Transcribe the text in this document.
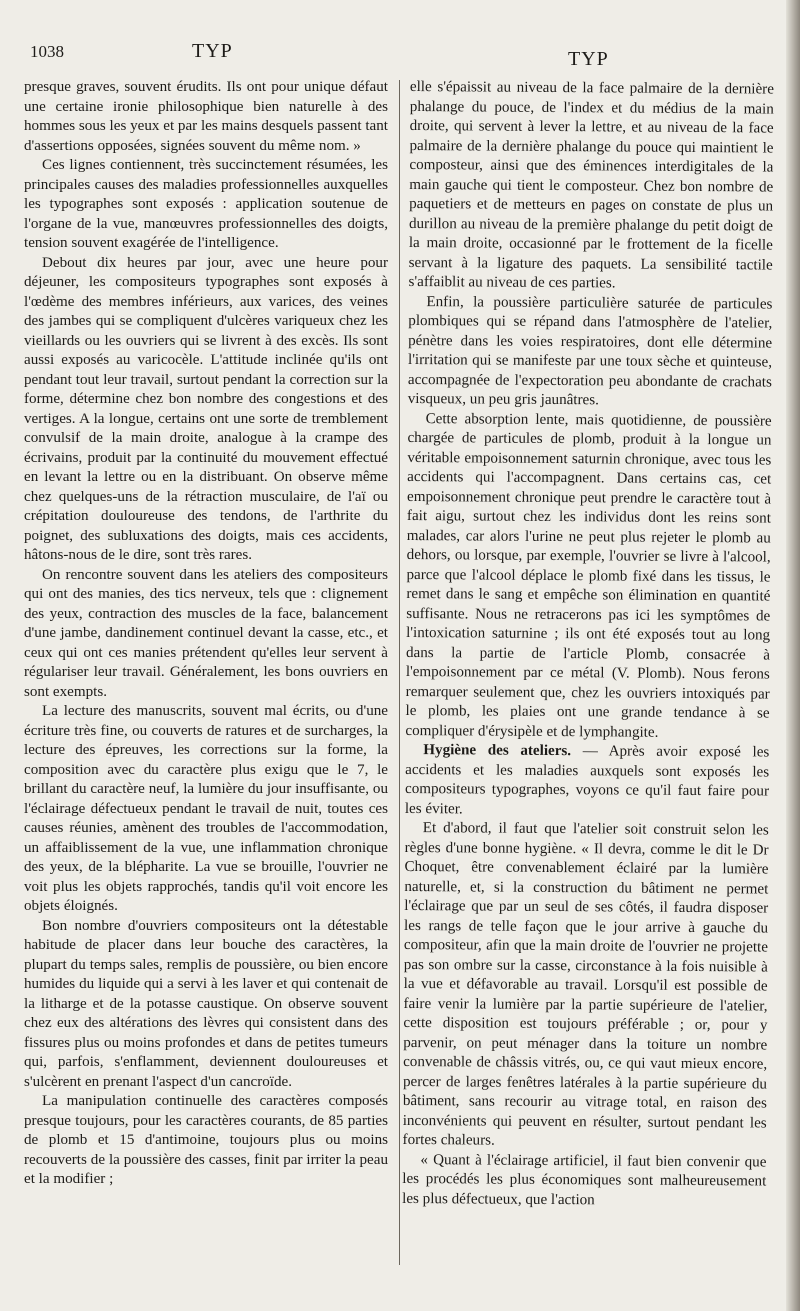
1038	TYP	TYP

presque graves, souvent érudits. Ils ont pour unique défaut une certaine ironie philosophique bien naturelle à des hommes sous les yeux et par les mains desquels passent tant d'assertions opposées, signées souvent du même nom. »

Ces lignes contiennent, très succinctement résumées, les principales causes des maladies professionnelles auxquelles les typographes sont exposés : application soutenue de l'organe de la vue, manœuvres professionnelles des doigts, tension souvent exagérée de l'intelligence.

Debout dix heures par jour, avec une heure pour déjeuner, les compositeurs typographes sont exposés à l'œdème des membres inférieurs, aux varices, des veines des jambes qui se compliquent d'ulcères variqueux chez les vieillards ou les ouvriers qui se livrent à des excès. Ils sont aussi exposés au varicocèle. L'attitude inclinée qu'ils ont pendant tout leur travail, surtout pendant la correction sur la forme, détermine chez bon nombre des congestions et des vertiges. A la longue, certains ont une sorte de tremblement convulsif de la main droite, analogue à la crampe des écrivains, produit par la continuité du mouvement effectué en levant la lettre ou en la distribuant. On observe même chez quelques-uns de la rétraction musculaire, de l'aï ou crépitation douloureuse des tendons, de l'arthrite du poignet, des subluxations des doigts, mais ces accidents, hâtons-nous de le dire, sont très rares.

On rencontre souvent dans les ateliers des compositeurs qui ont des manies, des tics nerveux, tels que : clignement des yeux, contraction des muscles de la face, balancement d'une jambe, dandinement continuel devant la casse, etc., et ceux qui ont ces manies prétendent qu'elles leur servent à régulariser leur travail. Généralement, les bons ouvriers en sont exempts.

La lecture des manuscrits, souvent mal écrits, ou d'une écriture très fine, ou couverts de ratures et de surcharges, la lecture des épreuves, les corrections sur la forme, la composition avec du caractère plus exigu que le 7, le brillant du caractère neuf, la lumière du jour insuffisante, ou l'éclairage défectueux pendant le travail de nuit, toutes ces causes réunies, amènent des troubles de l'accommodation, un affaiblissement de la vue, une inflammation chronique des yeux, de la blépharite. La vue se brouille, l'ouvrier ne voit plus les objets rapprochés, tandis qu'il voit encore les objets éloignés.

Bon nombre d'ouvriers compositeurs ont la détestable habitude de placer dans leur bouche des caractères, la plupart du temps sales, remplis de poussière, ou bien encore humides du liquide qui a servi à les laver et qui contenait de la litharge et de la potasse caustique. On observe souvent chez eux des altérations des lèvres qui consistent dans des fissures plus ou moins profondes et dans de petites tumeurs qui, parfois, s'enflamment, deviennent douloureuses et s'ulcèrent en prenant l'aspect d'un cancroïde.

La manipulation continuelle des caractères composés presque toujours, pour les caractères courants, de 85 parties de plomb et 15 d'antimoine, toujours plus ou moins recouverts de la poussière des casses, finit par irriter la peau et la modifier ;

elle s'épaissit au niveau de la face palmaire de la dernière phalange du pouce, de l'index et du médius de la main droite, qui servent à lever la lettre, et au niveau de la face palmaire de la dernière phalange du pouce qui maintient le composteur, ainsi que des éminences interdigitales de la main gauche qui tient le composteur. Chez bon nombre de paquetiers et de metteurs en pages on constate de plus un durillon au niveau de la première phalange du petit doigt de la main droite, occasionné par le frottement de la ficelle servant à la ligature des paquets. La sensibilité tactile s'affaiblit au niveau de ces parties.

Enfin, la poussière particulière saturée de particules plombiques qui se répand dans l'atmosphère de l'atelier, pénètre dans les voies respiratoires, dont elle détermine l'irritation qui se manifeste par une toux sèche et quinteuse, accompagnée de l'expectoration peu abondante de crachats visqueux, un peu gris jaunâtres.

Cette absorption lente, mais quotidienne, de poussière chargée de particules de plomb, produit à la longue un véritable empoisonnement saturnin chronique, avec tous les accidents qui l'accompagnent. Dans certains cas, cet empoisonnement chronique peut prendre le caractère tout à fait aigu, surtout chez les individus dont les reins sont malades, car alors l'urine ne peut plus rejeter le plomb au dehors, ou lorsque, par exemple, l'ouvrier se livre à l'alcool, parce que l'alcool déplace le plomb fixé dans les tissus, le remet dans le sang et empêche son élimination en quantité suffisante. Nous ne retracerons pas ici les symptômes de l'intoxication saturnine ; ils ont été exposés tout au long dans la partie de l'article Plomb, consacrée à l'empoisonnement par ce métal (V. Plomb). Nous ferons remarquer seulement que, chez les ouvriers intoxiqués par le plomb, les plaies ont une grande tendance à se compliquer d'érysipèle et de lymphangite.

Hygiène des ateliers. — Après avoir exposé les accidents et les maladies auxquels sont exposés les compositeurs typographes, voyons ce qu'il faut faire pour les éviter.

Et d'abord, il faut que l'atelier soit construit selon les règles d'une bonne hygiène. « Il devra, comme le dit le Dr Choquet, être convenablement éclairé par la lumière naturelle, et, si la construction du bâtiment ne permet l'éclairage que par un seul de ses côtés, il faudra disposer les rangs de telle façon que le jour arrive à gauche du compositeur, afin que la main droite de l'ouvrier ne projette pas son ombre sur la casse, circonstance à la fois nuisible à la vue et défavorable au travail. Lorsqu'il est possible de faire venir la lumière par la partie supérieure de l'atelier, cette disposition est toujours préférable ; or, pour y parvenir, on peut ménager dans la toiture un nombre convenable de châssis vitrés, ou, ce qui vaut mieux encore, percer de larges fenêtres latérales à la partie supérieure du bâtiment, sans recourir au vitrage total, en raison des inconvénients qui peuvent en résulter, surtout pendant les fortes chaleurs.

« Quant à l'éclairage artificiel, il faut bien convenir que les procédés les plus économiques sont malheureusement les plus défectueux, que l'action
